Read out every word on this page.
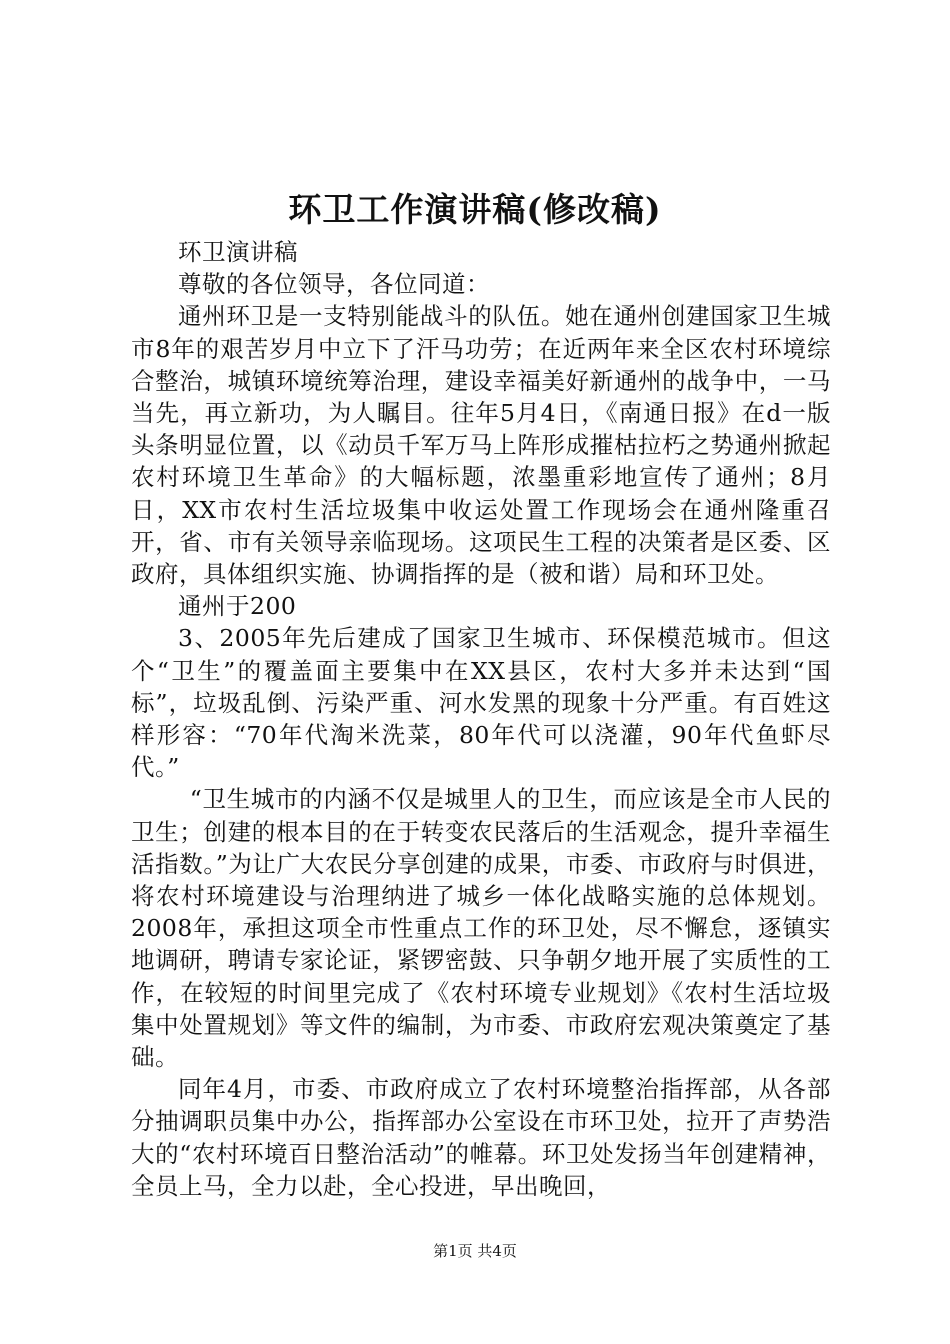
环卫工作演讲稿(修改稿)

环卫演讲稿

尊敬的各位领导，各位同道：

通州环卫是一支特别能战斗的队伍。她在通州创建国家卫生城市8年的艰苦岁月中立下了汗马功劳；在近两年来全区农村环境综合整治，城镇环境统筹治理，建设幸福美好新通州的战争中，一马当先，再立新功，为人瞩目。往年5月4日，《南通日报》在d一版头条明显位置，以《动员千军万马上阵形成摧枯拉朽之势通州掀起农村环境卫生革命》的大幅标题，浓墨重彩地宣传了通州；8月日，XX市农村生活垃圾集中收运处置工作现场会在通州隆重召开，省、市有关领导亲临现场。这项民生工程的决策者是区委、区政府，具体组织实施、协调指挥的是（被和谐）局和环卫处。

通州于200

3、2005年先后建成了国家卫生城市、环保模范城市。但这个“卫生”的覆盖面主要集中在XX县区，农村大多并未达到“国标”，垃圾乱倒、污染严重、河水发黑的现象十分严重。有百姓这样形容：“70年代淘米洗菜，80年代可以浇灌，90年代鱼虾尽代。”

“卫生城市的内涵不仅是城里人的卫生，而应该是全市人民的卫生；创建的根本目的在于转变农民落后的生活观念，提升幸福生活指数。”为让广大农民分享创建的成果，市委、市政府与时俱进，将农村环境建设与治理纳进了城乡一体化战略实施的总体规划。2008年，承担这项全市性重点工作的环卫处，尽不懈怠，逐镇实地调研，聘请专家论证，紧锣密鼓、只争朝夕地开展了实质性的工作，在较短的时间里完成了《农村环境专业规划》《农村生活垃圾集中处置规划》等文件的编制，为市委、市政府宏观决策奠定了基础。

同年4月，市委、市政府成立了农村环境整治指挥部，从各部分抽调职员集中办公，指挥部办公室设在市环卫处，拉开了声势浩大的“农村环境百日整治活动”的帷幕。环卫处发扬当年创建精神，全员上马，全力以赴，全心投进，早出晚回，

第1页 共4页
